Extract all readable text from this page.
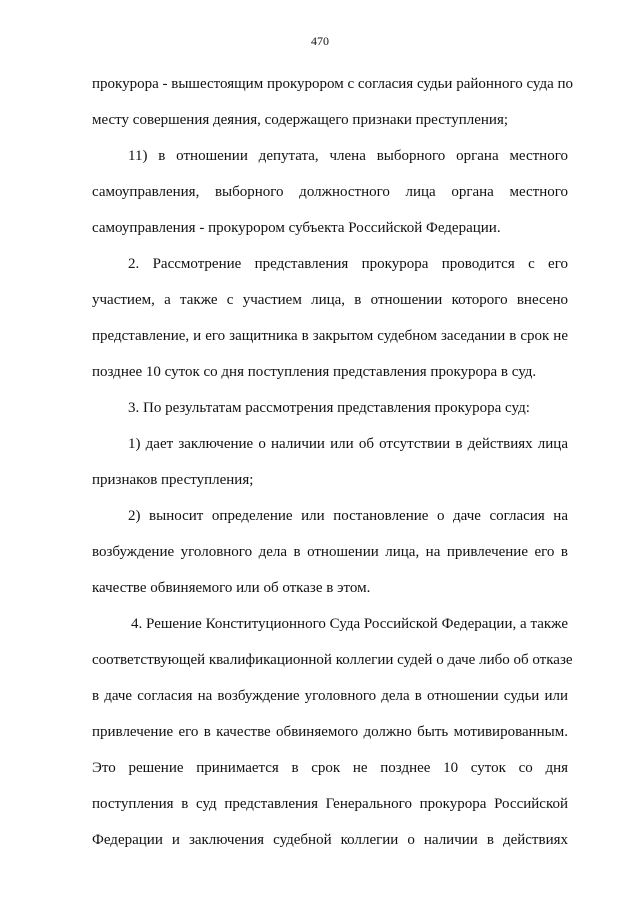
470
прокурора - вышестоящим прокурором с согласия судьи районного суда по
месту совершения деяния, содержащего признаки преступления;
11) в отношении депутата, члена выборного органа местного
самоуправления, выборного должностного лица органа местного
самоуправления - прокурором субъекта Российской Федерации.
2. Рассмотрение представления прокурора проводится с его
участием, а также с участием лица, в отношении которого внесено
представление, и его защитника в закрытом судебном заседании в срок не
позднее 10 суток со дня поступления представления прокурора в суд.
3. По результатам рассмотрения представления прокурора суд:
1) дает заключение о наличии или об отсутствии в действиях лица
признаков преступления;
2) выносит определение или постановление о даче согласия на
возбуждение уголовного дела в отношении лица, на привлечение его в
качестве обвиняемого или об отказе в этом.
4. Решение Конституционного Суда Российской Федерации, а также
соответствующей квалификационной коллегии судей о даче либо об отказе
в даче согласия на возбуждение уголовного дела в отношении судьи или
привлечение его в качестве обвиняемого должно быть мотивированным.
Это решение принимается в срок не позднее 10 суток со дня
поступления в суд представления Генерального прокурора Российской
Федерации и заключения судебной коллегии о наличии в действиях
